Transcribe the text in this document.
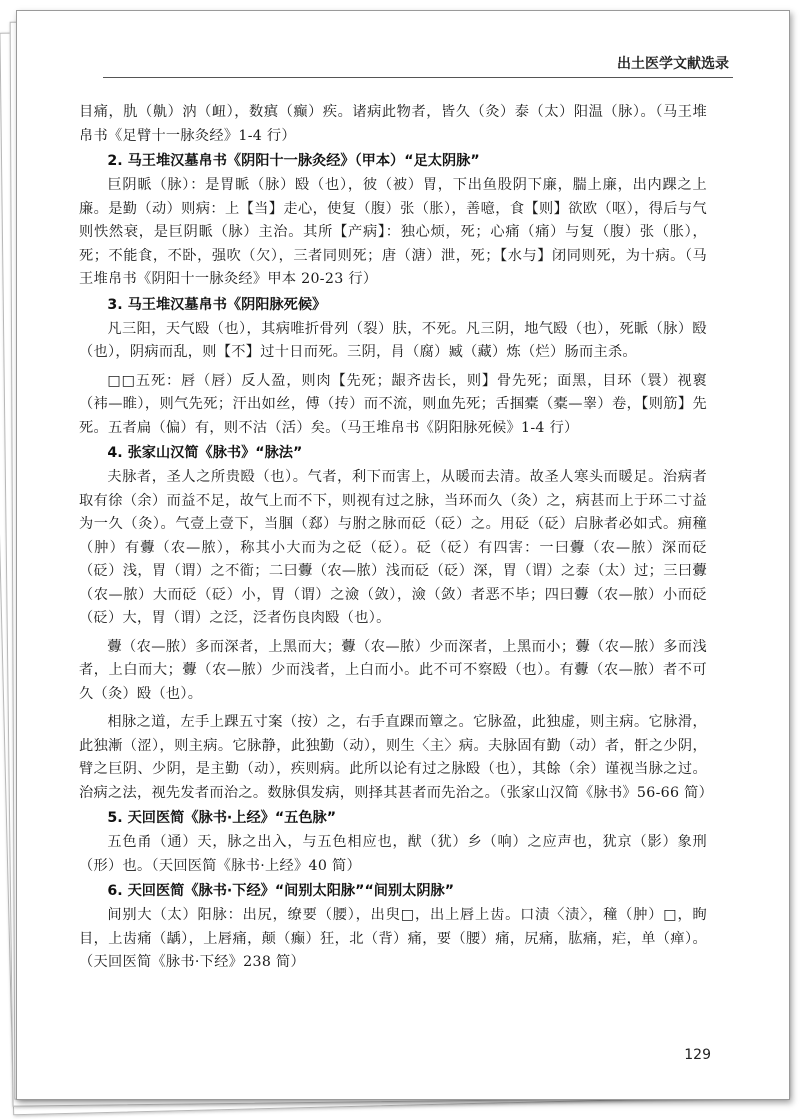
出土医学文献选录

目痛，肍（鼽）汭（衄），数瘨（癫）疾。诸病此物者，皆久（灸）泰（太）阳温（脉）。（马王堆帛书《足臂十一脉灸经》1-4 行）

2. 马王堆汉墓帛书《阴阳十一脉灸经》（甲本）“足太阴脉”

巨阴眽（脉）：是胃眽（脉）殹（也），彼（被）胃，下出鱼股阴下廉，腨上廉，出内踝之上廉。是勤（动）则病：上【当】走心，使复（腹）张（胀），善噫，食【则】欲欧（呕），得后与气则怢然衰，是巨阴眽（脉）主治。其所【产病】：独心烦，死；心痛（痛）与复（腹）张（胀），死；不能食，不卧，强吹（欠），三者同则死；唐（溏）泄，死；【水与】闭同则死，为十病。（马王堆帛书《阴阳十一脉灸经》甲本 20-23 行）

3. 马王堆汉墓帛书《阴阳脉死候》

凡三阳，天气殹（也），其病唯折骨列（裂）肤，不死。凡三阴，地气殹（也），死眽（脉）殹（也），阴病而乱，则【不】过十日而死。三阴，肙（腐）臧（藏）炼（烂）肠而主杀。

□□五死：唇（唇）反人盈，则肉【先死；龈齐齿长，则】骨先死；面黑，目环（睘）视褱（袆—睢），则气先死；汗出如丝，傅（抟）而不流，则血先死；舌掴橐（橐—睾）卷，【则筋】先死。五者扁（偏）有，则不沽（活）矣。（马王堆帛书《阴阳脉死候》1-4 行）

4. 张家山汉简《脉书》“脉法”

夫脉者，圣人之所贵殹（也）。气者，利下而害上，从暖而去清。故圣人寒头而暖足。治病者取有徐（余）而益不足，故气上而不下，则视有过之脉，当环而久（灸）之，病甚而上于环二寸益为一久（灸）。气壹上壹下，当腘（郄）与胕之脉而砭（砭）之。用砭（砭）启脉者必如式。痈穜（肿）有虋（农—脓），称其小大而为之砭（砭）。砭（砭）有四害：一曰虋（农—脓）深而砭（砭）浅，胃（谓）之不衜；二曰虋（农—脓）浅而砭（砭）深，胃（谓）之泰（太）过；三曰虋（农—脓）大而砭（砭）小，胃（谓）之澰（敛），澰（敛）者恶不毕；四曰虋（农—脓）小而砭（砭）大，胃（谓）之泛，泛者伤良肉殹（也）。

虋（农—脓）多而深者，上黑而大；虋（农—脓）少而深者，上黑而小；虋（农—脓）多而浅者，上白而大；虋（农—脓）少而浅者，上白而小。此不可不察殹（也）。有虋（农—脓）者不可久（灸）殹（也）。

相脉之道，左手上踝五寸案（按）之，右手直踝而簟之。它脉盈，此独虚，则主病。它脉滑，此独漸（涩），则主病。它脉静，此独勤（动），则生〈主〉病。夫脉固有勤（动）者，骭之少阴，臂之巨阴、少阴，是主勤（动），疾则病。此所以论有过之脉殹（也），其餘（余）谨视当脉之过。治病之法，视先发者而治之。数脉俱发病，则择其甚者而先治之。（张家山汉简《脉书》56-66 简）

5. 天回医简《脉书·上经》“五色脉”

五色甬（通）天，脉之出入，与五色相应也，猷（犹）乡（响）之应声也，犹京（影）象刑（形）也。（天回医简《脉书·上经》40 简）

6. 天回医简《脉书·下经》“间别太阳脉”“间别太阴脉”

间别大（太）阳脉：出尻，缭要（腰），出臾□，出上唇上齿。口渍〈渍〉，穜（肿）□，眴目，上齿痛（龋），上唇痛，颠（癫）狂，北（背）痛，要（腰）痛，尻痛，肱痛，疟，单（瘅）。（天回医简《脉书·下经》238 简）

129
